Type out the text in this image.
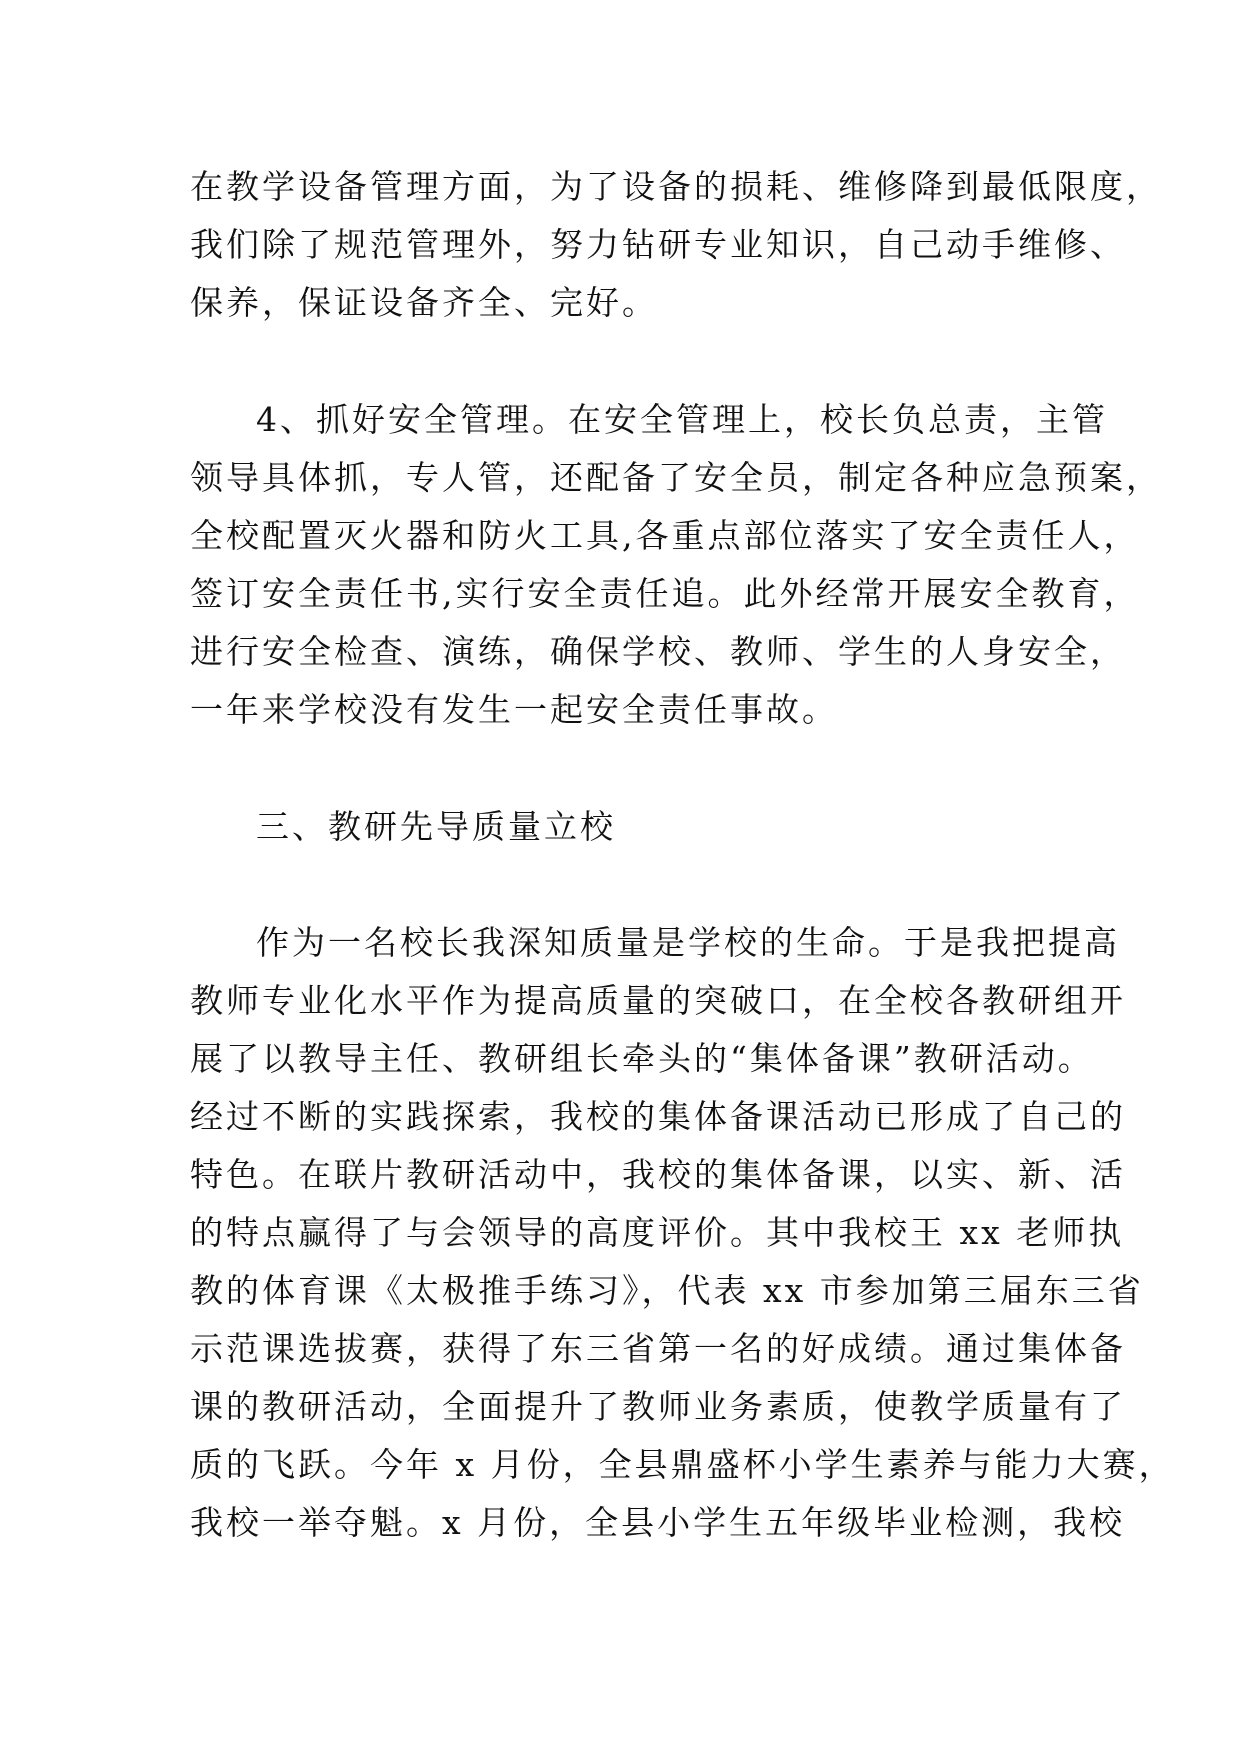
在教学设备管理方面，为了设备的损耗、维修降到最低限度，
我们除了规范管理外，努力钻研专业知识，自己动手维修、
保养，保证设备齐全、完好。
4、抓好安全管理。在安全管理上，校长负总责，主管
领导具体抓，专人管，还配备了安全员，制定各种应急预案，
全校配置灭火器和防火工具,各重点部位落实了安全责任人，
签订安全责任书,实行安全责任追。此外经常开展安全教育，
进行安全检查、演练，确保学校、教师、学生的人身安全，
一年来学校没有发生一起安全责任事故。
三、教研先导质量立校
作为一名校长我深知质量是学校的生命。于是我把提高
教师专业化水平作为提高质量的突破口，在全校各教研组开
展了以教导主任、教研组长牵头的“集体备课”教研活动。
经过不断的实践探索，我校的集体备课活动已形成了自己的
特色。在联片教研活动中，我校的集体备课，以实、新、活
的特点赢得了与会领导的高度评价。其中我校王 xx 老师执
教的体育课《太极推手练习》，代表 xx 市参加第三届东三省
示范课选拔赛，获得了东三省第一名的好成绩。通过集体备
课的教研活动，全面提升了教师业务素质，使教学质量有了
质的飞跃。今年 x 月份，全县鼎盛杯小学生素养与能力大赛，
我校一举夺魁。x 月份，全县小学生五年级毕业检测，我校
